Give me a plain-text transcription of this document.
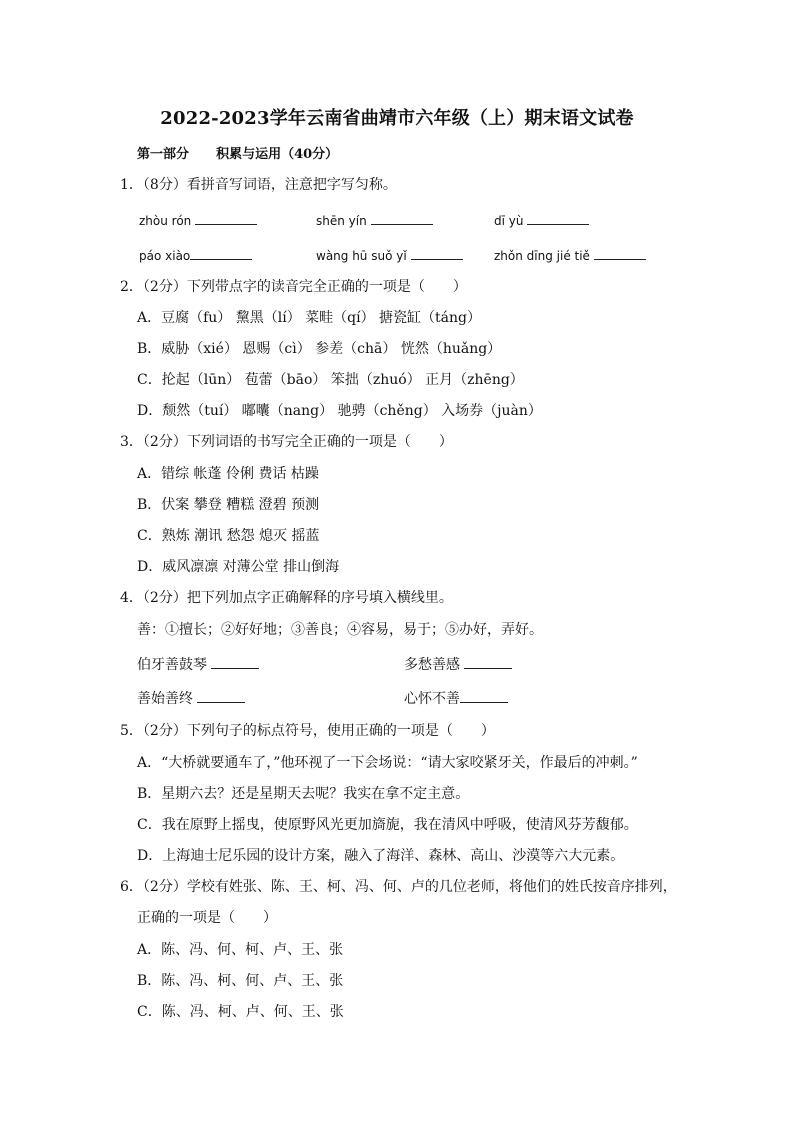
2022-2023学年云南省曲靖市六年级（上）期末语文试卷
第一部分 积累与运用（40分）
1．（8分）看拼音写词语，注意把字写匀称。
zhòu rón	shēn yín	dī yù
páo xiào	wàng hū suǒ yǐ	zhǒn dīng jié tiě
2．（2分）下列带点字的读音完全正确的一项是（　　）
A．豆腐（fu） 黧黑（lí） 菜畦（qí） 搪瓷缸（táng）
B．威胁（xié） 恩赐（cì） 参差（chā） 恍然（huǎng）
C．抡起（lūn） 苞蕾（bāo） 笨拙（zhuó） 正月（zhēng）
D．颓然（tuí） 嘟囔（nang） 驰骋（chěng） 入场券（juàn）
3．（2分）下列词语的书写完全正确的一项是（　　）
A．错综 帐蓬 伶俐 费话 枯躁
B．伏案 攀登 糟糕 澄碧 预测
C．熟炼 潮讯 愁怨 熄灭 摇蓝
D．威风凛凛 对薄公堂 排山倒海
4．（2分）把下列加点字正确解释的序号填入横线里。
善：①擅长；②好好地；③善良；④容易，易于；⑤办好，弄好。
伯牙善鼓琴	多愁善感
善始善终	心怀不善
5．（2分）下列句子的标点符号，使用正确的一项是（　　）
A．“大桥就要通车了，”他环视了一下会场说：“请大家咬紧牙关，作最后的冲刺。”
B．星期六去？还是星期天去呢？我实在拿不定主意。
C．我在原野上摇曳，使原野风光更加旖旎，我在清风中呼吸，使清风芬芳馥郁。
D．上海迪士尼乐园的设计方案，融入了海洋、森林、高山、沙漠等六大元素。
6．（2分）学校有姓张、陈、王、柯、冯、何、卢的几位老师，将他们的姓氏按音序排列，
正确的一项是（　　）
A．陈、冯、何、柯、卢、王、张
B．陈、冯、柯、何、卢、王、张
C．陈、冯、柯、卢、何、王、张
